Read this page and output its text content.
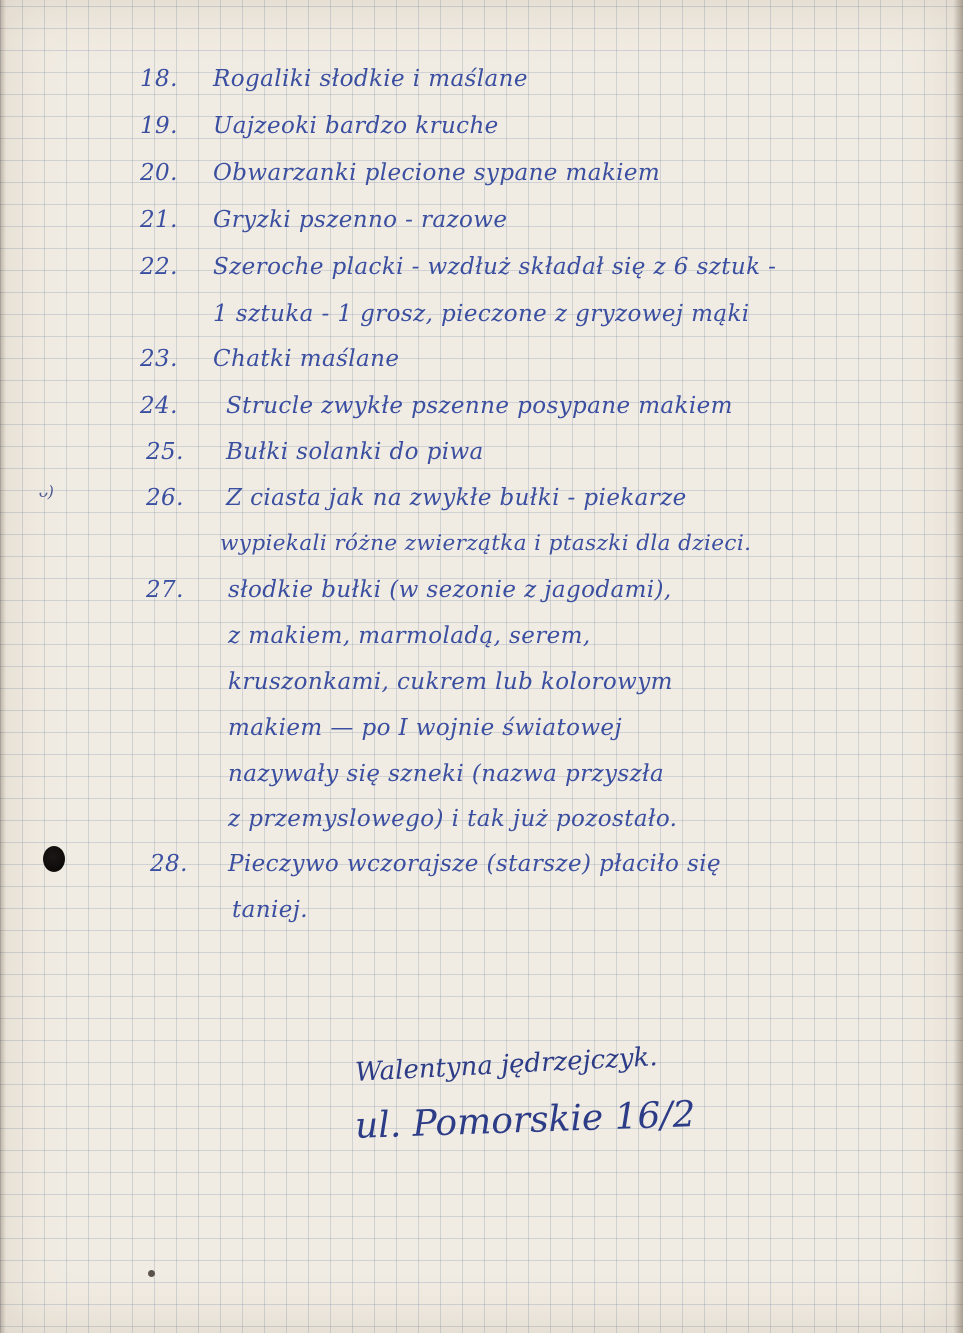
ᴗ)
18. Rogaliki słodkie i maślane
19. Uajzeoki bardzo kruche
20. Obwarzanki plecione sypane makiem
21. Gryzki pszenno - razowe
22. Szeroche placki - wzdłuż składał się z 6 sztuk -
1 sztuka - 1 grosz, pieczone z gryzowej mąki
23. Chatki maślane
24. Strucle zwykłe pszenne posypane makiem
25. Bułki solanki do piwa
26. Z ciasta jak na zwykłe bułki - piekarze
wypiekali różne zwierzątka i ptaszki dla dzieci.
27. słodkie bułki (w sezonie z jagodami),
z makiem, marmoladą, serem,
kruszonkami, cukrem lub kolorowym
makiem — po I wojnie światowej
nazywały się szneki (nazwa przyszła
z przemyslowego) i tak już pozostało.
28. Pieczywo wczorajsze (starsze) płaciło się
taniej.
Walentyna jędrzejczyk.
ul. Pomorskie 16/2
